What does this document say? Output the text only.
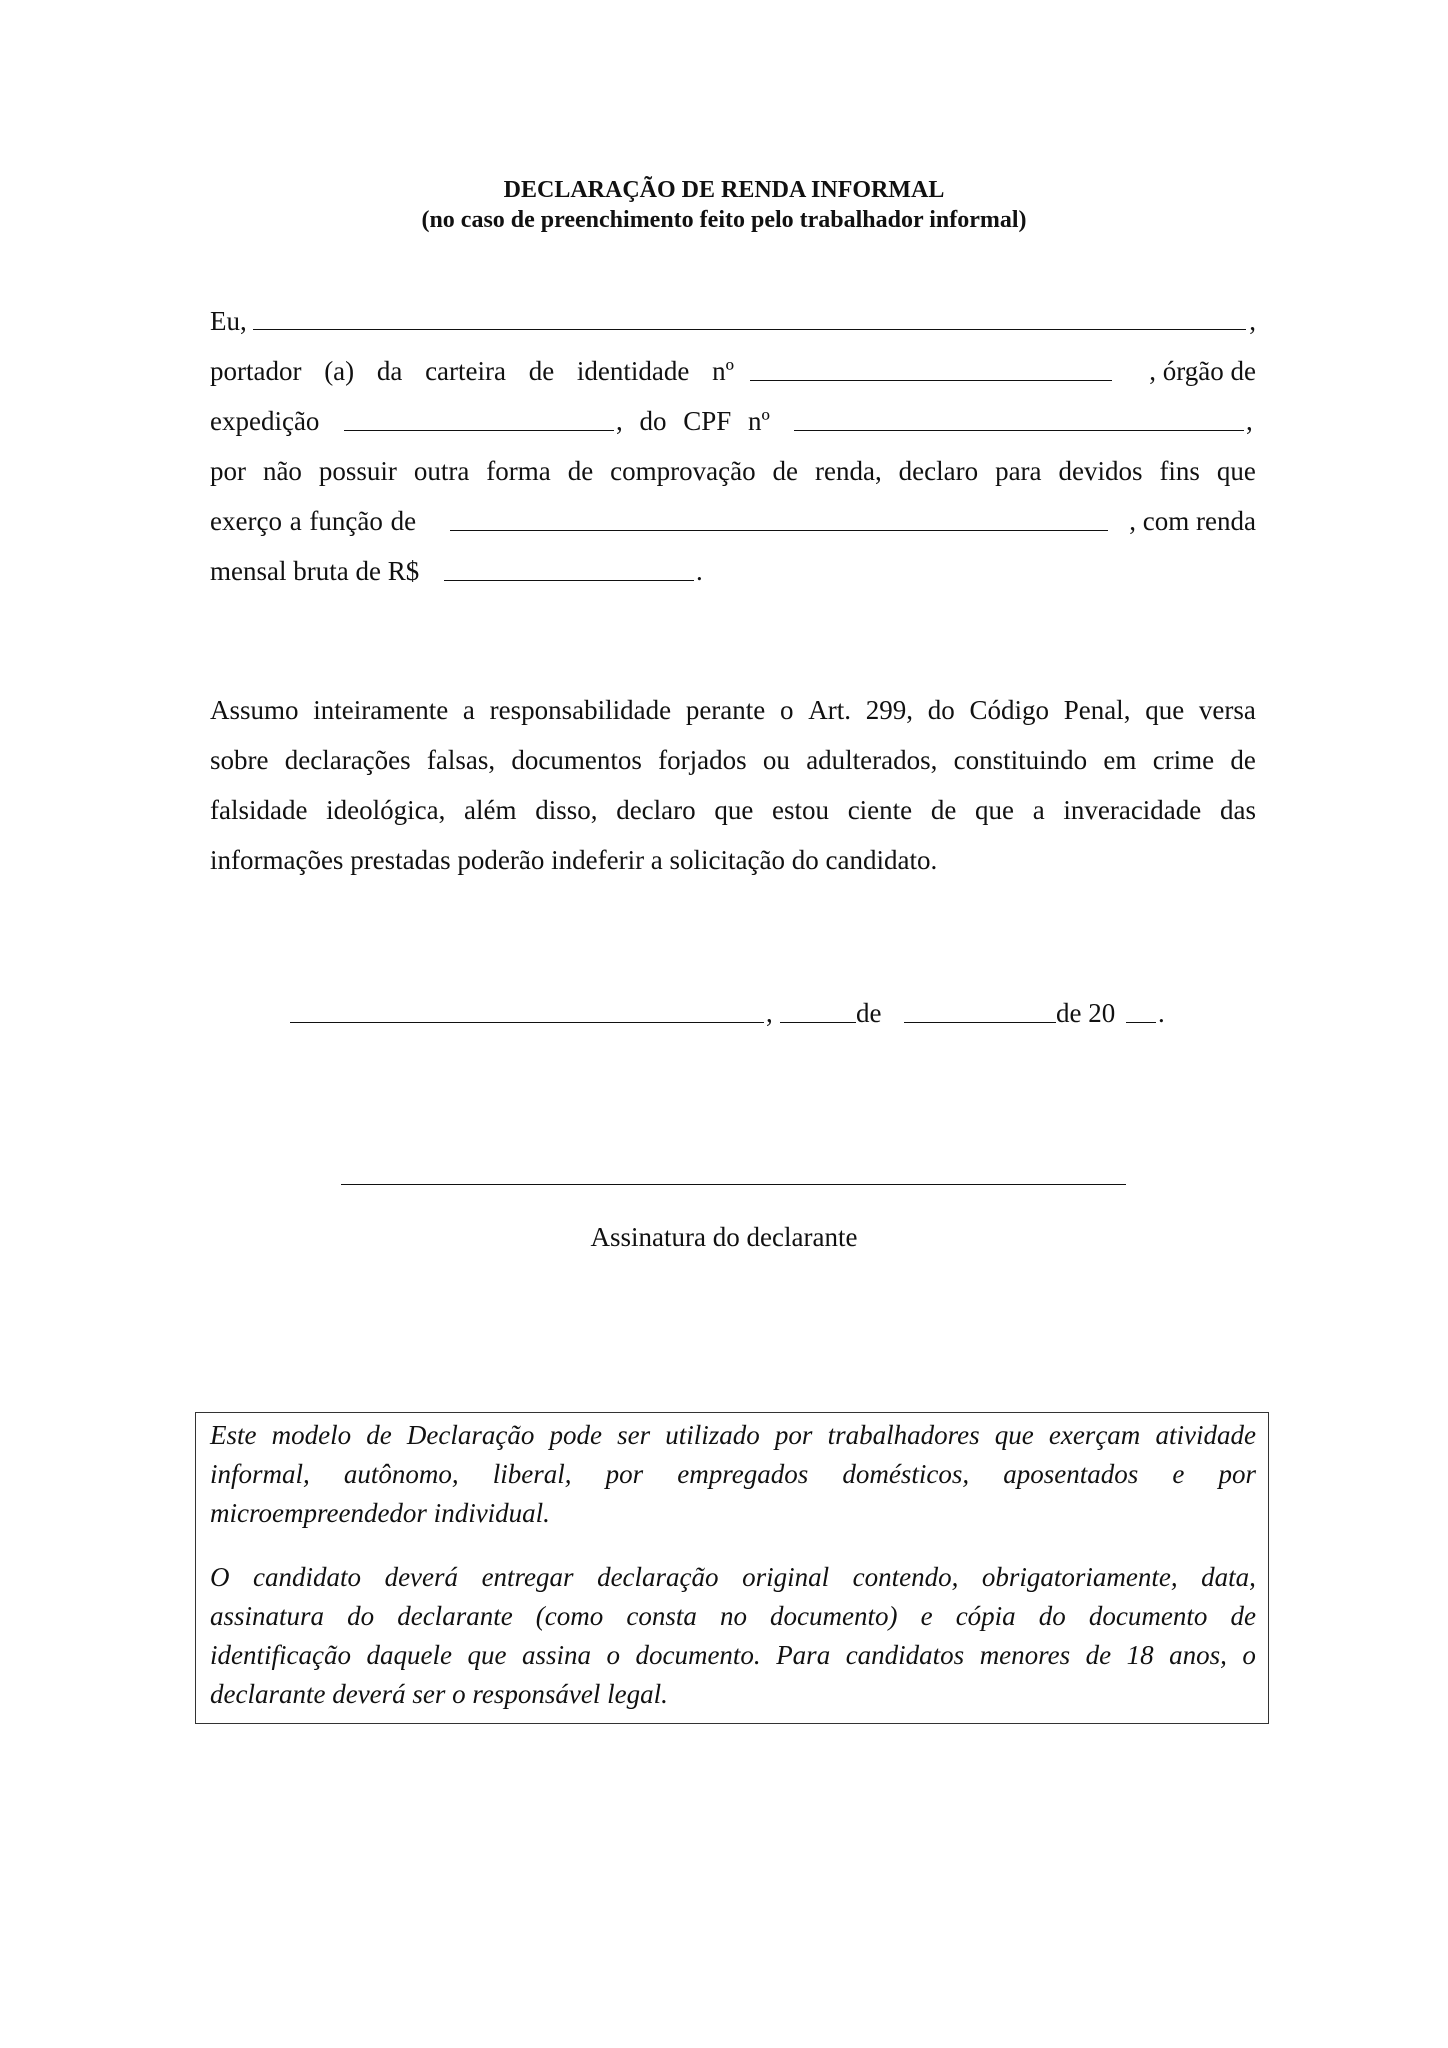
DECLARAÇÃO DE RENDA INFORMAL
(no caso de preenchimento feito pelo trabalhador informal)
Eu,	,
portador (a) da carteira de identidade nº	, órgão de
expedição	, do CPF nº	,
por não possuir outra forma de comprovação de renda, declaro para devidos fins que
exerço a função de	, com renda
mensal bruta de R$	.
Assumo inteiramente a responsabilidade perante o Art. 299, do Código Penal, que versa
sobre declarações falsas, documentos forjados ou adulterados, constituindo em crime de
falsidade ideológica, além disso, declaro que estou ciente de que a inveracidade das
informações prestadas poderão indeferir a solicitação do candidato.
,	de	de 20 .
Assinatura do declarante
Este modelo de Declaração pode ser utilizado por trabalhadores que exerçam atividade
informal, autônomo, liberal, por empregados domésticos, aposentados e por
microempreendedor individual.
O candidato deverá entregar declaração original contendo, obrigatoriamente, data,
assinatura do declarante (como consta no documento) e cópia do documento de
identificação daquele que assina o documento. Para candidatos menores de 18 anos, o
declarante deverá ser o responsável legal.
